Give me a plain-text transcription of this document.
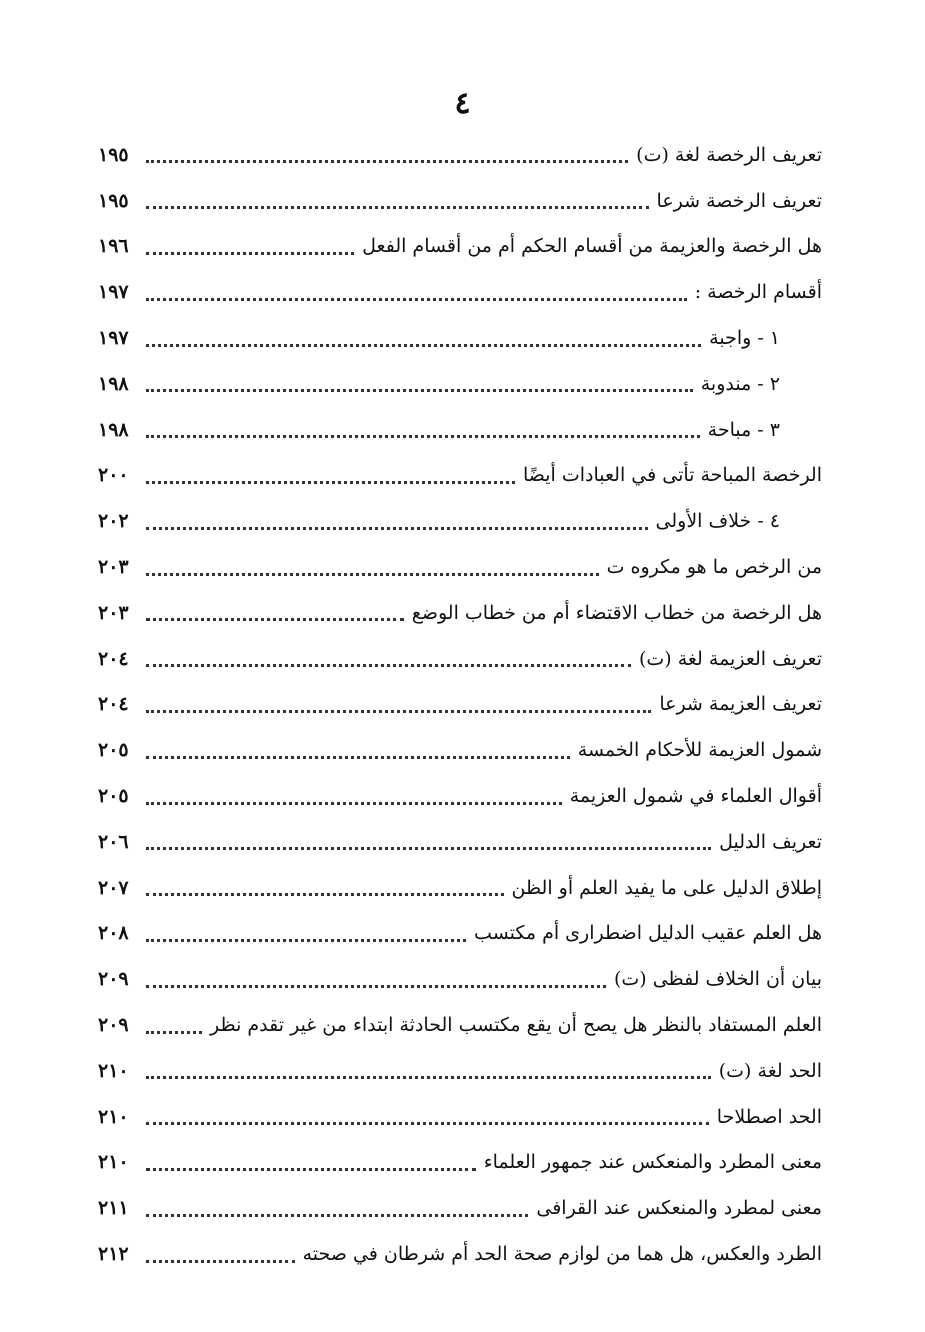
٤
تعريف الرخصة لغة (ت)
١٩٥
تعريف الرخصة شرعا
١٩٥
هل الرخصة والعزيمة من أقسام الحكم أم من أقسام الفعل
١٩٦
أقسام الرخصة :
١٩٧
١ - واجبة
١٩٧
٢ - مندوبة
١٩٨
٣ - مباحة
١٩٨
الرخصة المباحة تأتى في العبادات أيضًا
٢٠٠
٤ - خلاف الأولى
٢٠٢
من الرخص ما هو مكروه ت
٢٠٣
هل الرخصة من خطاب الاقتضاء أم من خطاب الوضع
٢٠٣
تعريف العزيمة لغة (ت)
٢٠٤
تعريف العزيمة شرعا
٢٠٤
شمول العزيمة للأحكام الخمسة
٢٠٥
أقوال العلماء في شمول العزيمة
٢٠٥
تعريف الدليل
٢٠٦
إطلاق الدليل على ما يفيد العلم أو الظن
٢٠٧
هل العلم عقيب الدليل اضطرارى أم مكتسب
٢٠٨
بيان أن الخلاف لفظى (ت)
٢٠٩
العلم المستفاد بالنظر هل يصح أن يقع مكتسب الحادثة ابتداء من غير تقدم نظر
٢٠٩
الحد لغة (ت)
٢١٠
الحد اصطلاحا
٢١٠
معنى المطرد والمنعكس عند جمهور العلماء
٢١٠
معنى لمطرد والمنعكس عند القرافى
٢١١
الطرد والعكس، هل هما من لوازم صحة الحد أم شرطان في صحته
٢١٢
